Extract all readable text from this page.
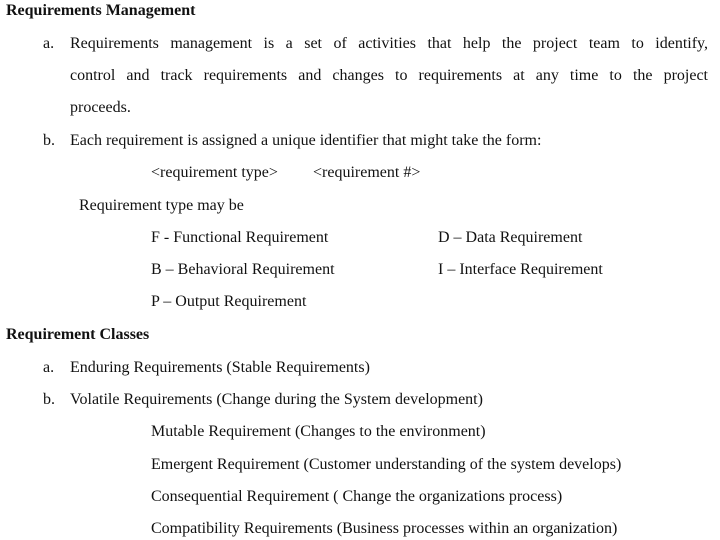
Requirements Management
a. Requirements management is a set of activities that help the project team to identify,
control and track requirements and changes to requirements at any time to the project
proceeds.
b. Each requirement is assigned a unique identifier that might take the form:
<requirement type> <requirement #>
Requirement type may be
F - Functional Requirement	D – Data Requirement
B – Behavioral Requirement	I – Interface Requirement
P – Output Requirement
Requirement Classes
a. Enduring Requirements (Stable Requirements)
b. Volatile Requirements (Change during the System development)
Mutable Requirement (Changes to the environment)
Emergent Requirement (Customer understanding of the system develops)
Consequential Requirement ( Change the organizations process)
Compatibility Requirements (Business processes within an organization)
